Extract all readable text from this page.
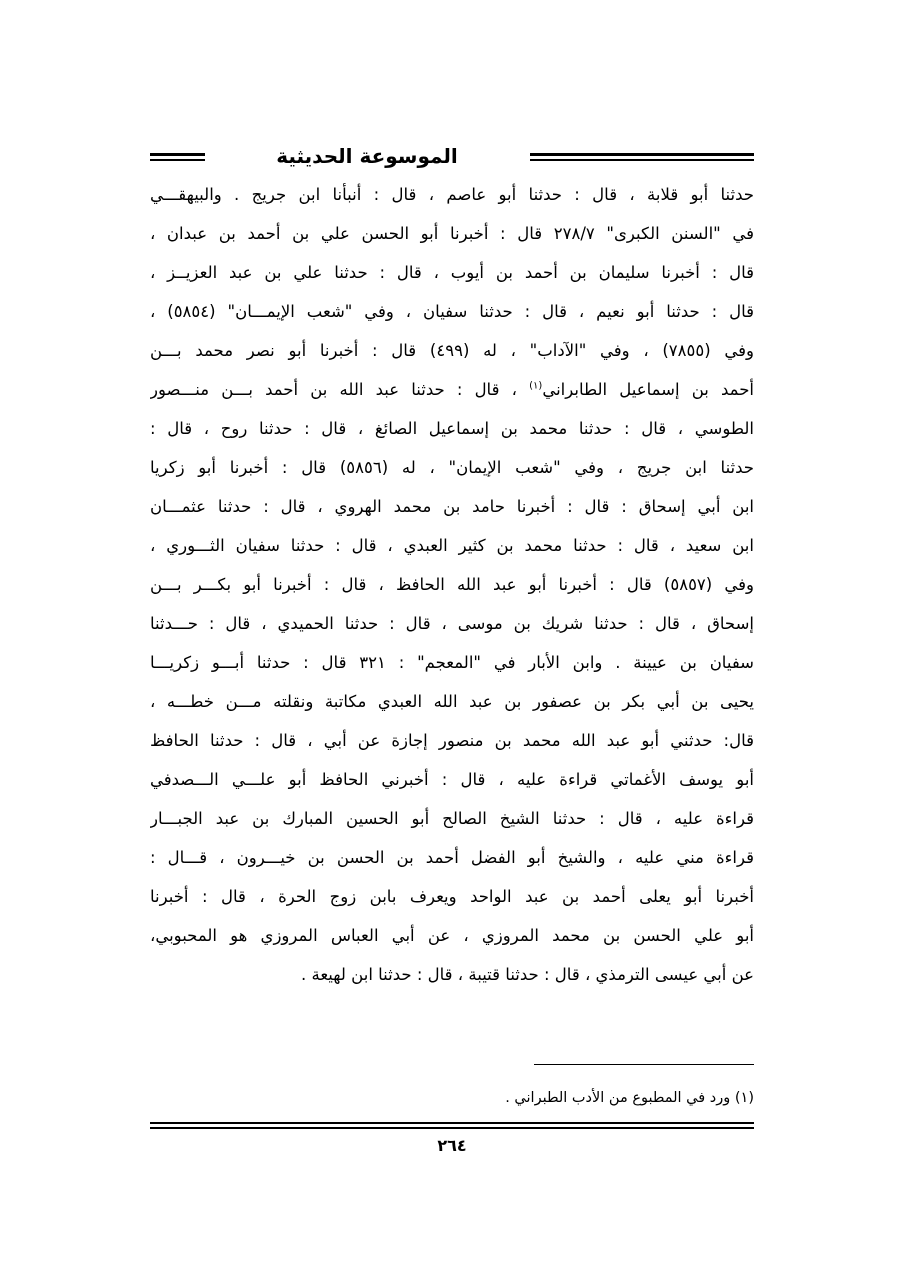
الموسوعة الحديثية
حدثنا أبو قلابة ، قال : حدثنا أبو عاصم ، قال : أنبأنا ابن جريج . والبيهقـــي
في "السنن الكبرى" ٢٧٨/٧ قال : أخبرنا أبو الحسن علي بن أحمد بن عبدان ،
قال : أخبرنا سليمان بن أحمد بن أيوب ، قال : حدثنا علي بن عبد العزيــز ،
قال : حدثنا أبو نعيم ، قال : حدثنا سفيان ، وفي "شعب الإيمـــان" (٥٨٥٤) ،
وفي (٧٨٥٥) ، وفي "الآداب" ، له (٤٩٩) قال : أخبرنا أبو نصر محمد بـــن
أحمد بن إسماعيل الطابراني$^{(١)}$ ، قال : حدثنا عبد الله بن أحمد بـــن منـــصور
الطوسي ، قال : حدثنا محمد بن إسماعيل الصائغ ، قال : حدثنا روح ، قال :
حدثنا ابن جريج ، وفي "شعب الإيمان" ، له (٥٨٥٦) قال : أخبرنا أبو زكريا
ابن أبي إسحاق : قال : أخبرنا حامد بن محمد الهروي ، قال : حدثنا عثمـــان
ابن سعيد ، قال : حدثنا محمد بن كثير العبدي ، قال : حدثنا سفيان الثـــوري ،
وفي (٥٨٥٧) قال : أخبرنا أبو عبد الله الحافظ ، قال : أخبرنا أبو بكـــر بـــن
إسحاق ، قال : حدثنا شريك بن موسى ، قال : حدثنا الحميدي ، قال : حـــدثنا
سفيان بن عيينة . وابن الأبار في "المعجم" : ٣٢١ قال : حدثنا أبـــو زكريـــا
يحيى بن أبي بكر بن عصفور بن عبد الله العبدي مكاتبة ونقلته مـــن خطـــه ،
قال: حدثني أبو عبد الله محمد بن منصور إجازة عن أبي ، قال : حدثنا الحافظ
أبو يوسف الأغماتي قراءة عليه ، قال : أخبرني الحافظ أبو علـــي الـــصدفي
قراءة عليه ، قال : حدثنا الشيخ الصالح أبو الحسين المبارك بن عبد الجبـــار
قراءة مني عليه ، والشيخ أبو الفضل أحمد بن الحسن بن خيـــرون ، قـــال :
أخبرنا أبو يعلى أحمد بن عبد الواحد ويعرف بابن زوج الحرة ، قال : أخبرنا
أبو علي الحسن بن محمد المروزي ، عن أبي العباس المروزي هو المحبوبي،
عن أبي عيسى الترمذي ، قال : حدثنا قتيبة ، قال : حدثنا ابن لهيعة .
(١) ورد في المطبوع من الأدب الطبراني .
٢٦٤
